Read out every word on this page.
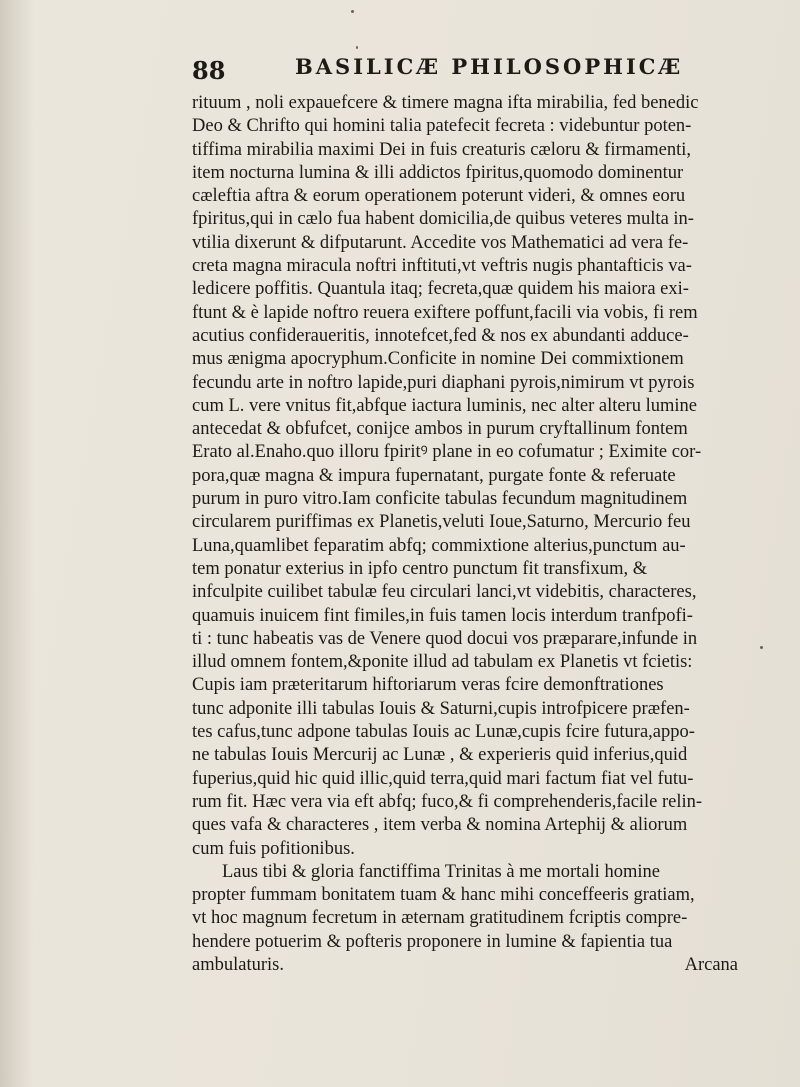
88	BASILICÆ PHILOSOPHICÆ
rituum , noli expauefcere & timere magna ifta mirabilia, fed benedic
Deo & Chrifto qui homini talia patefecit fecreta : videbuntur poten-
tiffima mirabilia maximi Dei in fuis creaturis cæloru & firmamenti,
item nocturna lumina & illi addictos fpiritus,quomodo dominentur
cæleftia aftra & eorum operationem poterunt videri, & omnes eoru
fpiritus,qui in cælo fua habent domicilia,de quibus veteres multa in-
vtilia dixerunt & difputarunt. Accedite vos Mathematici ad vera fe-
creta magna miracula noftri inftituti,vt veftris nugis phantafticis va-
ledicere poffitis. Quantula itaq; fecreta,quæ quidem his maiora exi-
ftunt & è lapide noftro reuera exiftere poffunt,facili via vobis, fi rem
acutius confideraueritis, innotefcet,fed & nos ex abundanti adduce-
mus ænigma apocryphum.Conficite in nomine Dei commixtionem
fecundu arte in noftro lapide,puri diaphani pyrois,nimirum vt pyrois
cum L. vere vnitus fit,abfque iactura luminis, nec alter alteru lumine
antecedat & obfufcet, conijce ambos in purum cryftallinum fontem
Erato al.Enaho.quo illoru fpiritꝰ plane in eo cofumatur ; Eximite cor-
pora,quæ magna & impura fupernatant, purgate fonte & referuate
purum in puro vitro.Iam conficite tabulas fecundum magnitudinem
circularem puriffimas ex Planetis,veluti Ioue,Saturno, Mercurio feu
Luna,quamlibet feparatim abfq; commixtione alterius,punctum au-
tem ponatur exterius in ipfo centro punctum fit transfixum, &
infculpite cuilibet tabulæ feu circulari lanci,vt videbitis, characteres,
quamuis inuicem fint fimiles,in fuis tamen locis interdum tranfpofi-
ti : tunc habeatis vas de Venere quod docui vos præparare,infunde in
illud omnem fontem,&ponite illud ad tabulam ex Planetis vt fcietis:
Cupis iam præteritarum hiftoriarum veras fcire demonftrationes
tunc adponite illi tabulas Iouis & Saturni,cupis introfpicere præfen-
tes cafus,tunc adpone tabulas Iouis ac Lunæ,cupis fcire futura,appo-
ne tabulas Iouis Mercurij ac Lunæ , & experieris quid inferius,quid
fuperius,quid hic quid illic,quid terra,quid mari factum fiat vel futu-
rum fit. Hæc vera via eft abfq; fuco,& fi comprehenderis,facile relin-
ques vafa & characteres , item verba & nomina Artephij & aliorum
cum fuis pofitionibus.
Laus tibi & gloria fanctiffima Trinitas à me mortali homine
propter fummam bonitatem tuam & hanc mihi conceffeeris gratiam,
vt hoc magnum fecretum in æternam gratitudinem fcriptis compre-
hendere potuerim & pofteris proponere in lumine & fapientia tua
ambulaturis.	Arcana
